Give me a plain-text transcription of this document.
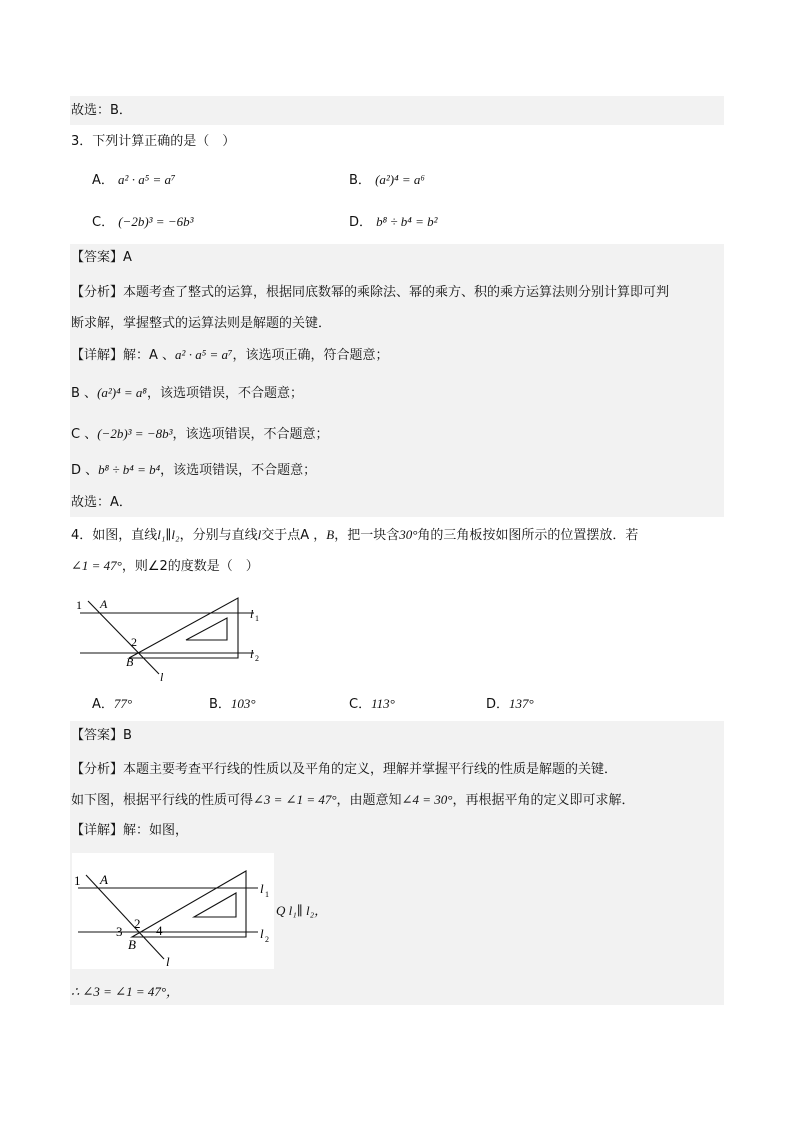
故选：B．
3．下列计算正确的是（　）
A． a² · a⁵ = a⁷	B． (a²)⁴ = a⁶
C． (−2b)³ = −6b³	D． b⁸ ÷ b⁴ = b²
【答案】A
【分析】本题考查了整式的运算，根据同底数幂的乘除法、幂的乘方、积的乘方运算法则分别计算即可判
断求解，掌握整式的运算法则是解题的关键．
【详解】解：A 、a² · a⁵ = a⁷，该选项正确，符合题意；
B 、(a²)⁴ = a⁸，该选项错误，不合题意；
C 、(−2b)³ = −8b³，该选项错误，不合题意；
D 、b⁸ ÷ b⁴ = b⁴，该选项错误，不合题意；
故选：A．
4．如图，直线l₁∥l₂，分别与直线l交于点A ，B，把一块含30°角的三角板按如图所示的位置摆放．若
∠1 = 47°，则∠2的度数是（　）
1 A
2
B
l
l 1
l 2
A．77°	B．103°	C．113°	D．137°
【答案】B
【分析】本题主要考查平行线的性质以及平角的定义，理解并掌握平行线的性质是解题的关键．
如下图，根据平行线的性质可得∠3 = ∠1 = 47°，由题意知∠4 = 30°，再根据平角的定义即可求解．
【详解】解：如图，
1 A
2
3	4
B
l
l 1
l 2
Q l₁∥ l₂，
∴ ∠3 = ∠1 = 47°，
